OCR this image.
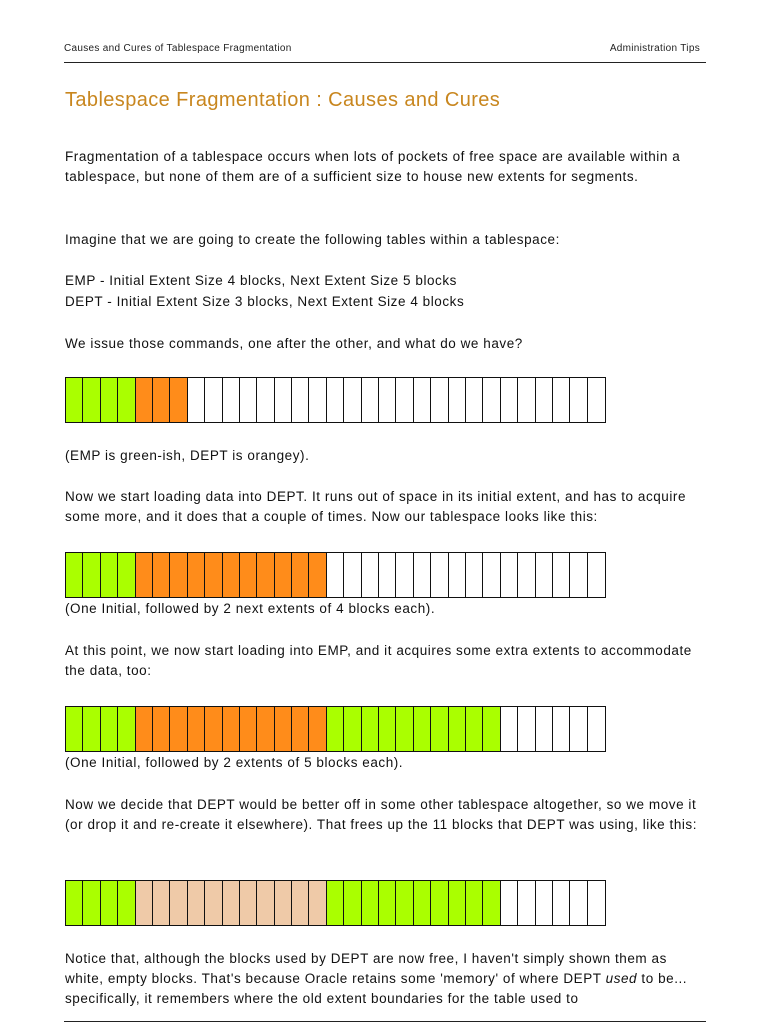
Causes and Cures of Tablespace Fragmentation	Administration Tips
Tablespace Fragmentation : Causes and Cures

Fragmentation of a tablespace occurs when lots of pockets of free space are available within a tablespace, but none of them are of a sufficient size to house new extents for segments.

Imagine that we are going to create the following tables within a tablespace:

EMP - Initial Extent Size 4 blocks, Next Extent Size 5 blocks

DEPT - Initial Extent Size 3 blocks, Next Extent Size 4 blocks

We issue those commands, one after the other, and what do we have?

(EMP is green-ish, DEPT is orangey).

Now we start loading data into DEPT. It runs out of space in its initial extent, and has to acquire some more, and it does that a couple of times. Now our tablespace looks like this:

(One Initial, followed by 2 next extents of 4 blocks each).

At this point, we now start loading into EMP, and it acquires some extra extents to accommodate the data, too:

(One Initial, followed by 2 extents of 5 blocks each).

Now we decide that DEPT would be better off in some other tablespace altogether, so we move it (or drop it and re-create it elsewhere). That frees up the 11 blocks that DEPT was using, like this:

Notice that, although the blocks used by DEPT are now free, I haven't simply shown them as white, empty blocks. That's because Oracle retains some 'memory' of where DEPT used to be... specifically, it remembers where the old extent boundaries for the table used to
